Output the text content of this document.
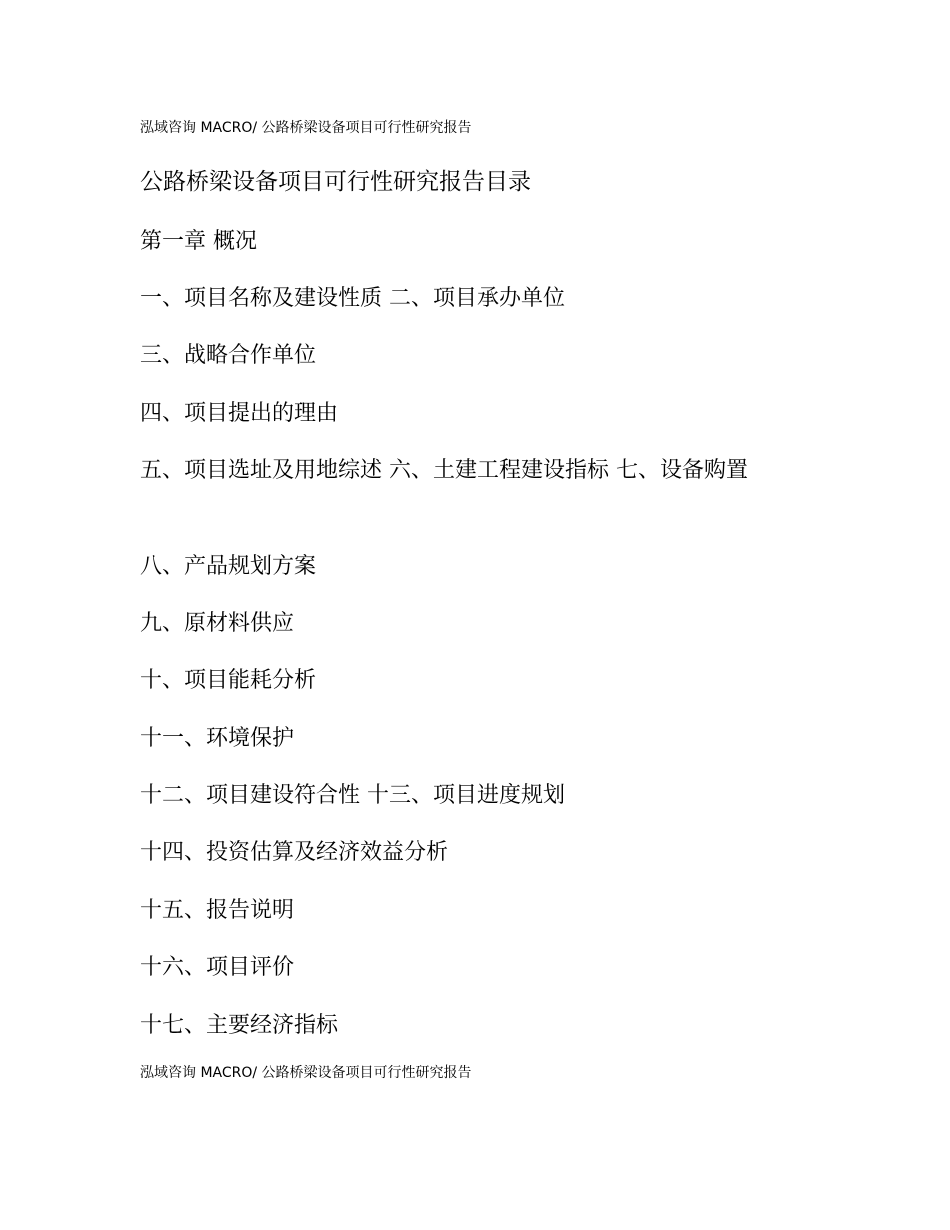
泓域咨询 MACRO/ 公路桥梁设备项目可行性研究报告
公路桥梁设备项目可行性研究报告目录
第一章 概况
一、项目名称及建设性质 二、项目承办单位
三、战略合作单位
四、项目提出的理由
五、项目选址及用地综述 六、土建工程建设指标 七、设备购置
八、产品规划方案
九、原材料供应
十、项目能耗分析
十一、环境保护
十二、项目建设符合性 十三、项目进度规划
十四、投资估算及经济效益分析
十五、报告说明
十六、项目评价
十七、主要经济指标
泓域咨询 MACRO/ 公路桥梁设备项目可行性研究报告
